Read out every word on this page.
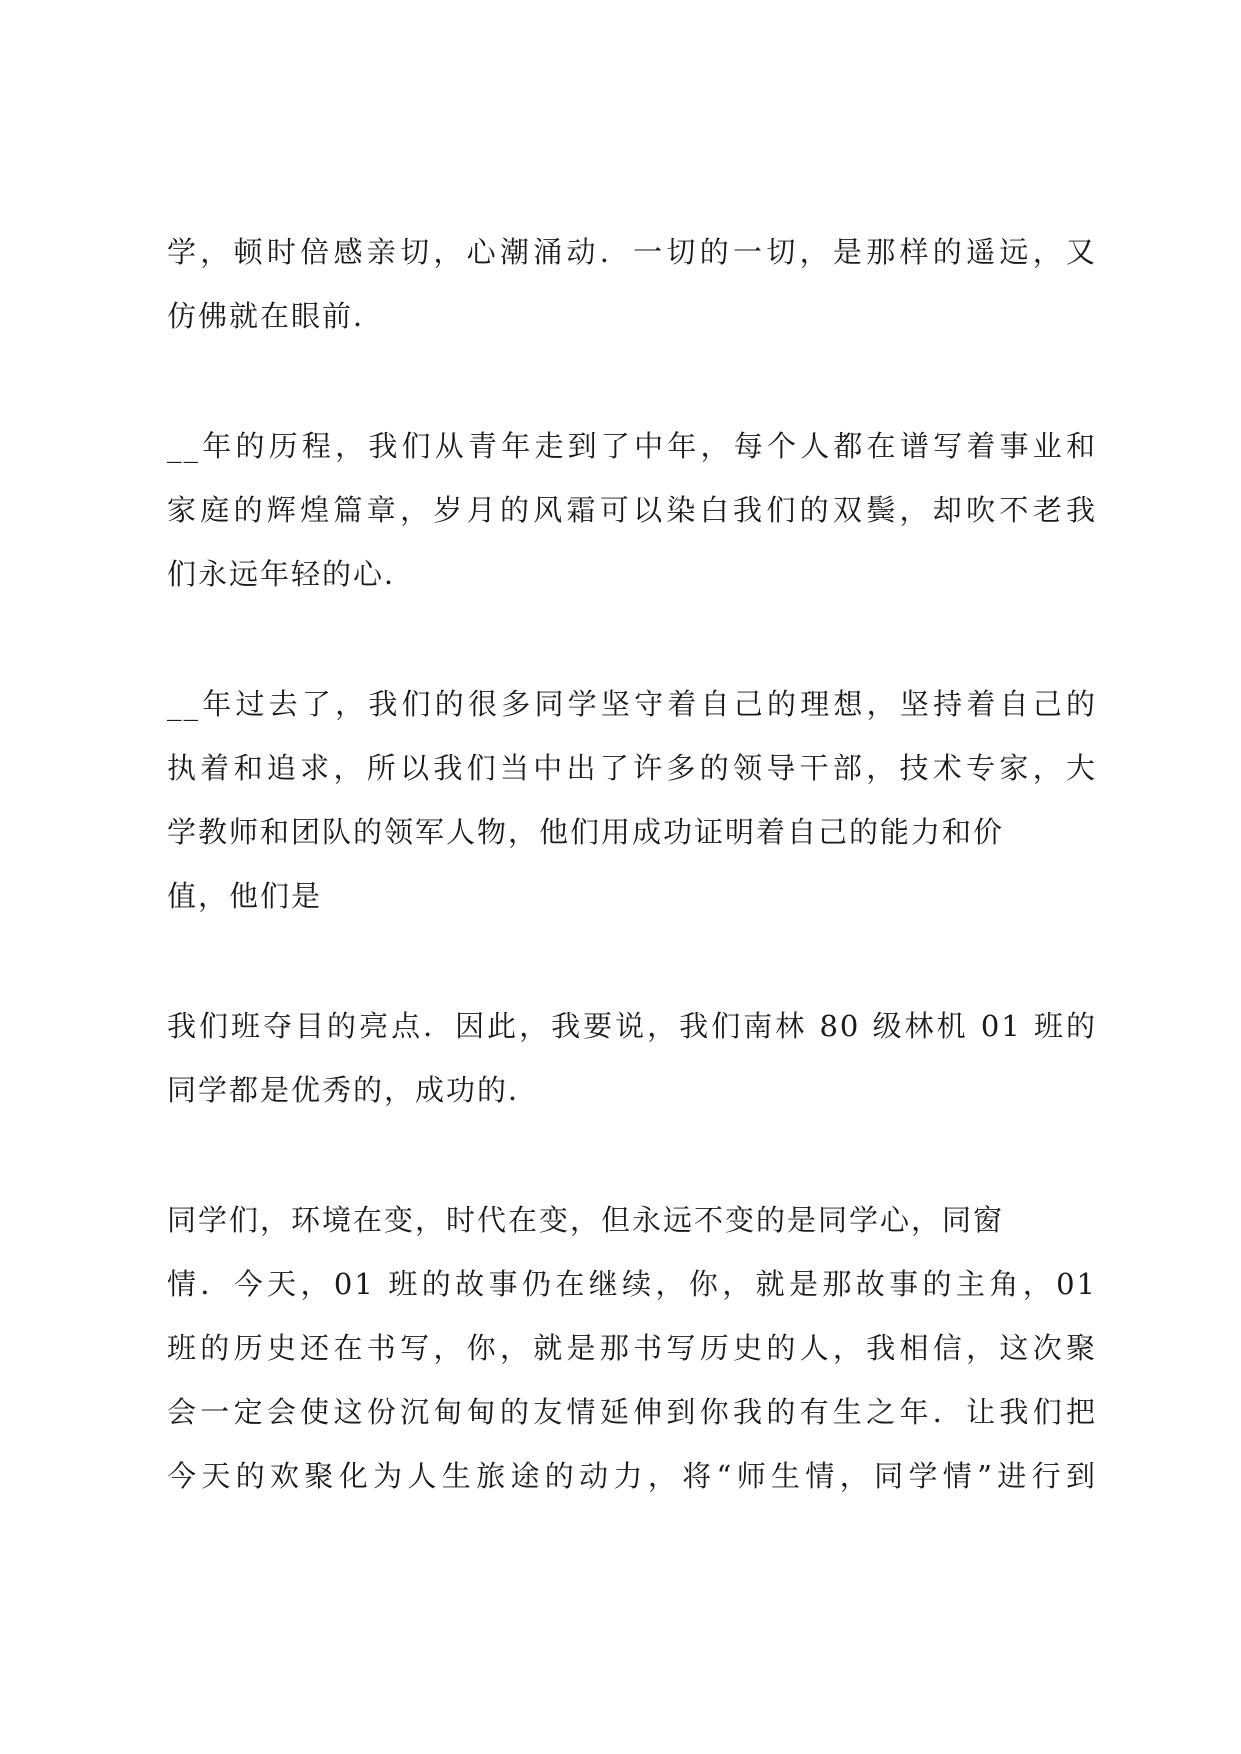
学，顿时倍感亲切，心潮涌动．一切的一切，是那样的遥远，又
仿佛就在眼前．
__年的历程，我们从青年走到了中年，每个人都在谱写着事业和
家庭的辉煌篇章，岁月的风霜可以染白我们的双鬓，却吹不老我
们永远年轻的心．
__年过去了，我们的很多同学坚守着自己的理想，坚持着自己的
执着和追求，所以我们当中出了许多的领导干部，技术专家，大
学教师和团队的领军人物，他们用成功证明着自己的能力和价
值，他们是
我们班夺目的亮点．因此，我要说，我们南林 80 级林机 01 班的
同学都是优秀的，成功的．
同学们，环境在变，时代在变，但永远不变的是同学心，同窗
情．今天，01 班的故事仍在继续，你，就是那故事的主角，01
班的历史还在书写，你，就是那书写历史的人，我相信，这次聚
会一定会使这份沉甸甸的友情延伸到你我的有生之年．让我们把
今天的欢聚化为人生旅途的动力，将“师生情，同学情”进行到
